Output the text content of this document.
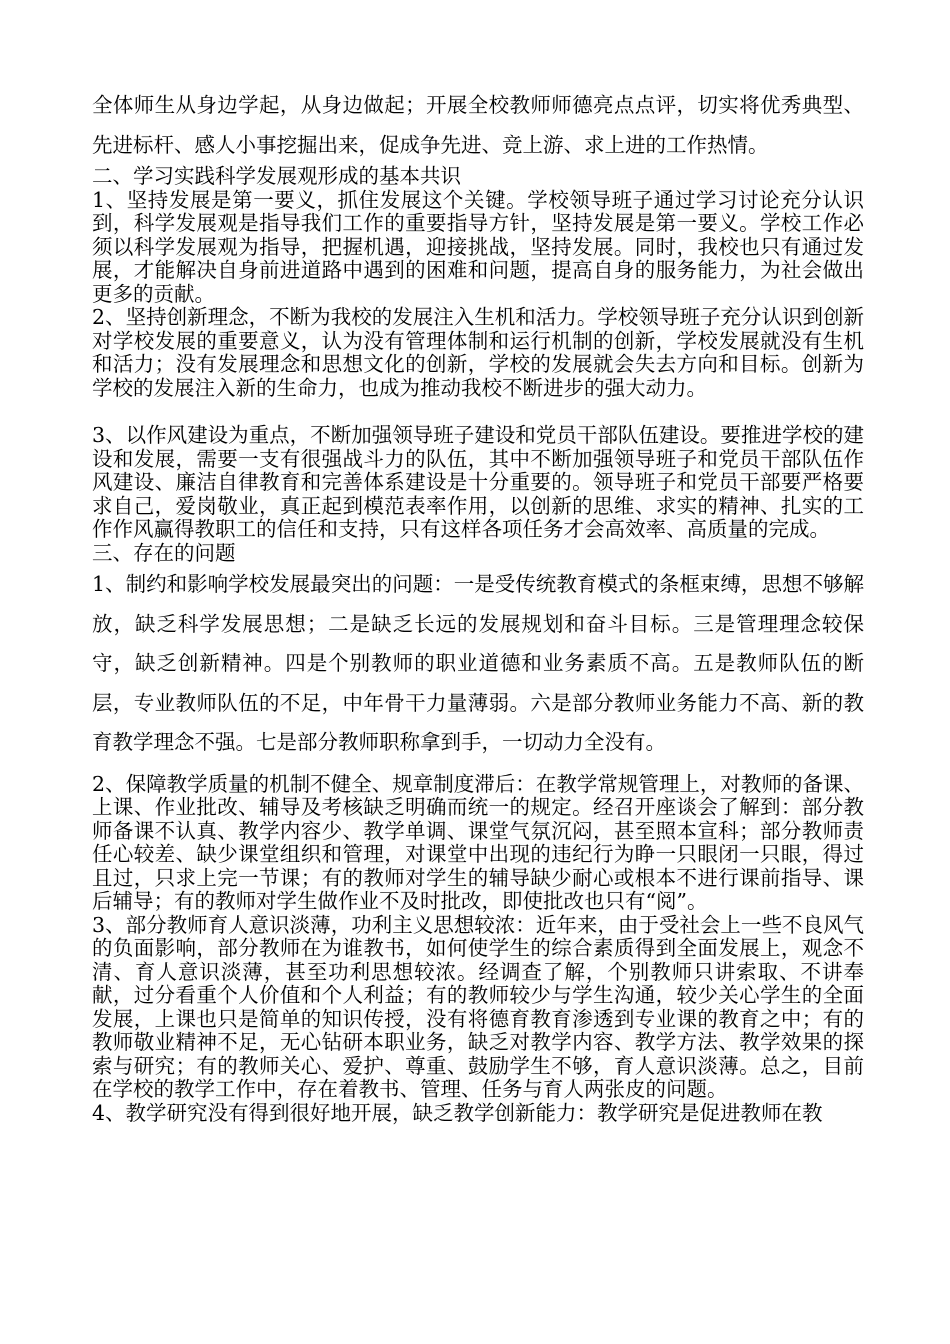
全体师生从身边学起，从身边做起；开展全校教师师德亮点点评，切实将优秀典型、先进标杆、感人小事挖掘出来，促成争先进、竞上游、求上进的工作热情。

二、学习实践科学发展观形成的基本共识

1、坚持发展是第一要义，抓住发展这个关键。学校领导班子通过学习讨论充分认识到，科学发展观是指导我们工作的重要指导方针，坚持发展是第一要义。学校工作必须以科学发展观为指导，把握机遇，迎接挑战，坚持发展。同时，我校也只有通过发展，才能解决自身前进道路中遇到的困难和问题，提高自身的服务能力，为社会做出更多的贡献。

2、坚持创新理念，不断为我校的发展注入生机和活力。学校领导班子充分认识到创新对学校发展的重要意义，认为没有管理体制和运行机制的创新，学校发展就没有生机和活力；没有发展理念和思想文化的创新，学校的发展就会失去方向和目标。创新为学校的发展注入新的生命力，也成为推动我校不断进步的强大动力。

3、以作风建设为重点，不断加强领导班子建设和党员干部队伍建设。要推进学校的建设和发展，需要一支有很强战斗力的队伍，其中不断加强领导班子和党员干部队伍作风建设、廉洁自律教育和完善体系建设是十分重要的。领导班子和党员干部要严格要求自己，爱岗敬业，真正起到模范表率作用，以创新的思维、求实的精神、扎实的工作作风赢得教职工的信任和支持，只有这样各项任务才会高效率、高质量的完成。

三、存在的问题

1、制约和影响学校发展最突出的问题：一是受传统教育模式的条框束缚，思想不够解放，缺乏科学发展思想；二是缺乏长远的发展规划和奋斗目标。三是管理理念较保守，缺乏创新精神。四是个别教师的职业道德和业务素质不高。五是教师队伍的断层，专业教师队伍的不足，中年骨干力量薄弱。六是部分教师业务能力不高、新的教育教学理念不强。七是部分教师职称拿到手，一切动力全没有。

2、保障教学质量的机制不健全、规章制度滞后：在教学常规管理上，对教师的备课、上课、作业批改、辅导及考核缺乏明确而统一的规定。经召开座谈会了解到：部分教师备课不认真、教学内容少、教学单调、课堂气氛沉闷，甚至照本宣科；部分教师责任心较差、缺少课堂组织和管理，对课堂中出现的违纪行为睁一只眼闭一只眼，得过且过，只求上完一节课；有的教师对学生的辅导缺少耐心或根本不进行课前指导、课后辅导；有的教师对学生做作业不及时批改，即使批改也只有“阅”。

3、部分教师育人意识淡薄，功利主义思想较浓：近年来，由于受社会上一些不良风气的负面影响，部分教师在为谁教书，如何使学生的综合素质得到全面发展上，观念不清、育人意识淡薄，甚至功利思想较浓。经调查了解，个别教师只讲索取、不讲奉献，过分看重个人价值和个人利益；有的教师较少与学生沟通，较少关心学生的全面发展，上课也只是简单的知识传授，没有将德育教育渗透到专业课的教育之中；有的教师敬业精神不足，无心钻研本职业务，缺乏对教学内容、教学方法、教学效果的探索与研究；有的教师关心、爱护、尊重、鼓励学生不够，育人意识淡薄。总之，目前在学校的教学工作中，存在着教书、管理、任务与育人两张皮的问题。

4、教学研究没有得到很好地开展，缺乏教学创新能力：教学研究是促进教师在教
